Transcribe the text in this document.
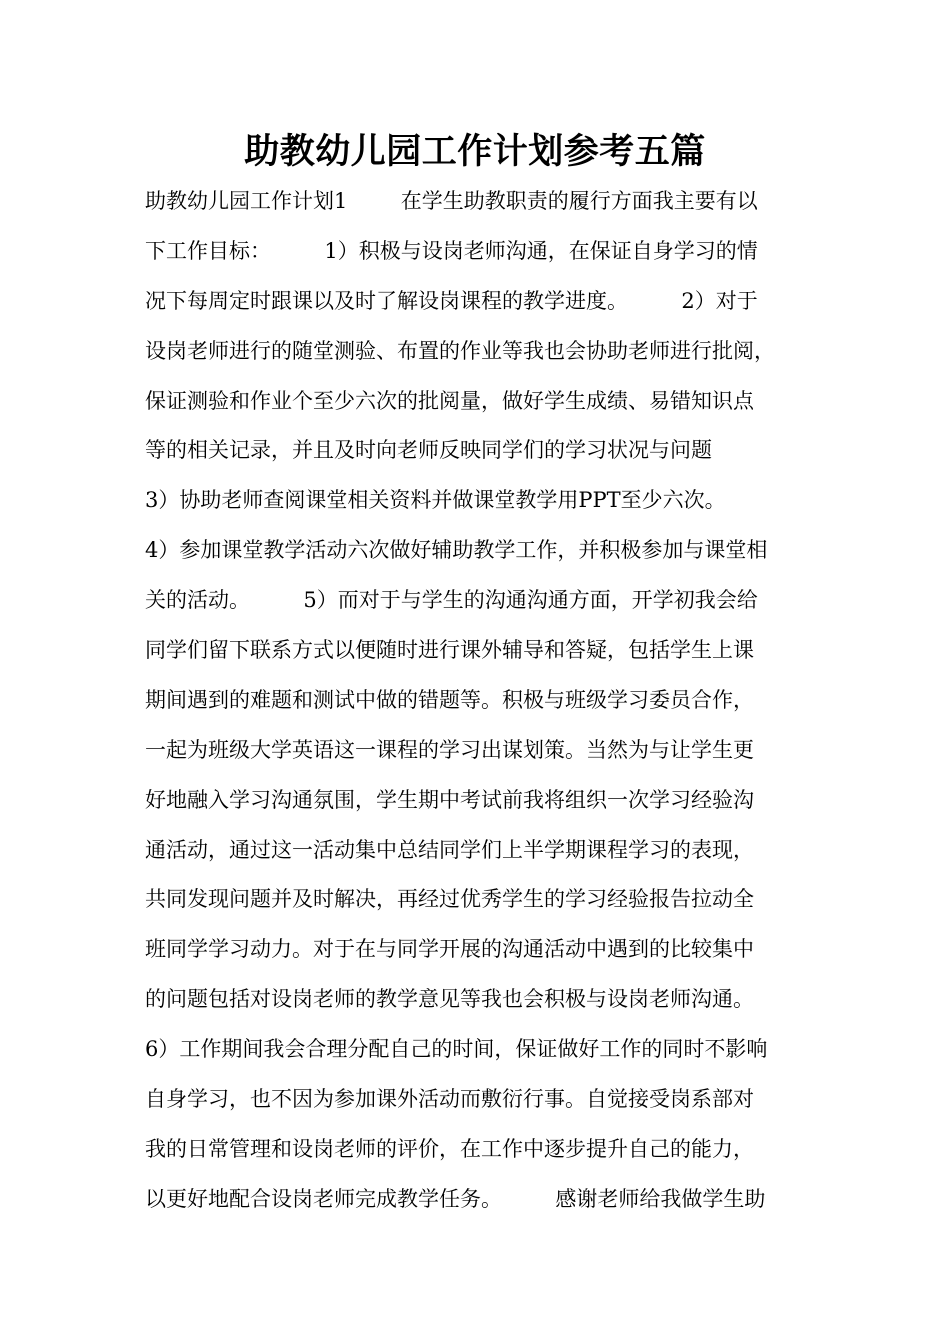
助教幼儿园工作计划参考五篇
助教幼儿园工作计划1        在学生助教职责的履行方面我主要有以
下工作目标：        1）积极与设岗老师沟通，在保证自身学习的情
况下每周定时跟课以及时了解设岗课程的教学进度。        2）对于
设岗老师进行的随堂测验、布置的作业等我也会协助老师进行批阅，
保证测验和作业个至少六次的批阅量，做好学生成绩、易错知识点
等的相关记录，并且及时向老师反映同学们的学习状况与问题
3）协助老师查阅课堂相关资料并做课堂教学用PPT至少六次。
4）参加课堂教学活动六次做好辅助教学工作，并积极参加与课堂相
关的活动。        5）而对于与学生的沟通沟通方面，开学初我会给
同学们留下联系方式以便随时进行课外辅导和答疑，包括学生上课
期间遇到的难题和测试中做的错题等。积极与班级学习委员合作，
一起为班级大学英语这一课程的学习出谋划策。当然为与让学生更
好地融入学习沟通氛围，学生期中考试前我将组织一次学习经验沟
通活动，通过这一活动集中总结同学们上半学期课程学习的表现，
共同发现问题并及时解决，再经过优秀学生的学习经验报告拉动全
班同学学习动力。对于在与同学开展的沟通活动中遇到的比较集中
的问题包括对设岗老师的教学意见等我也会积极与设岗老师沟通。
6）工作期间我会合理分配自己的时间，保证做好工作的同时不影响
自身学习，也不因为参加课外活动而敷衍行事。自觉接受岗系部对
我的日常管理和设岗老师的评价，在工作中逐步提升自己的能力，
以更好地配合设岗老师完成教学任务。        感谢老师给我做学生助
